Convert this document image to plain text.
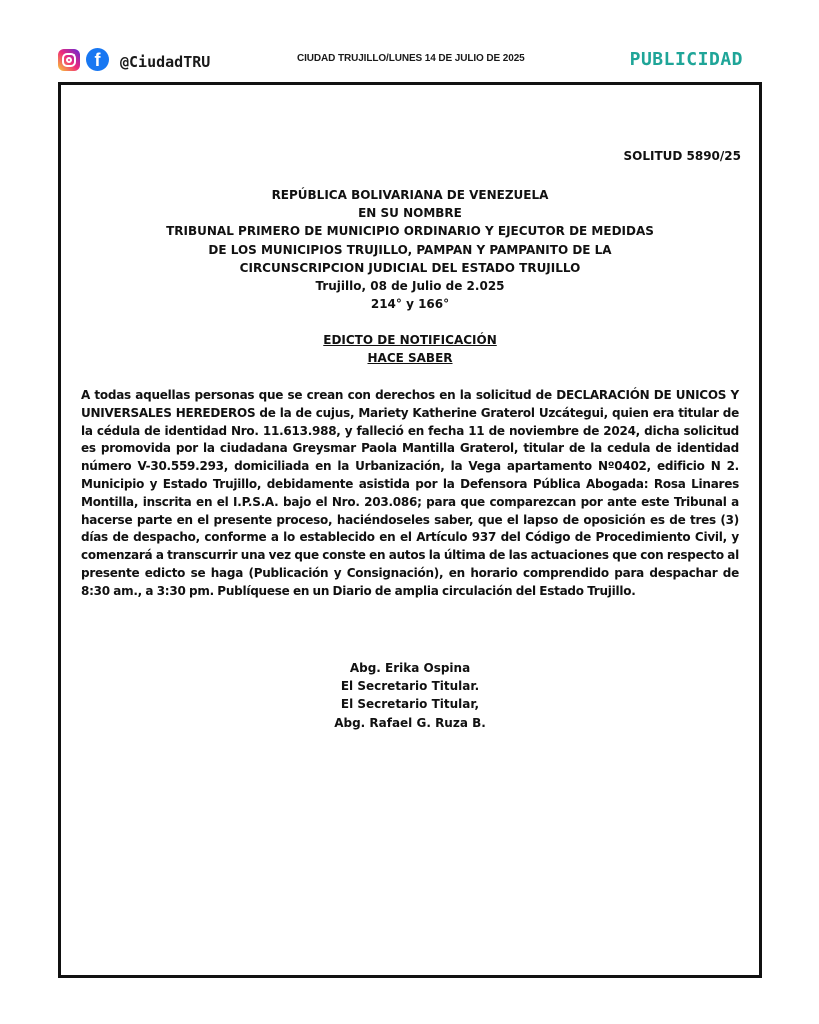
f	@CiudadTRU	CIUDAD TRUJILLO/LUNES 14 DE JULIO DE 2025	PUBLICIDAD
SOLITUD 5890/25
REPÚBLICA BOLIVARIANA DE VENEZUELA
EN SU NOMBRE
TRIBUNAL PRIMERO DE MUNICIPIO ORDINARIO Y EJECUTOR DE MEDIDAS
DE LOS MUNICIPIOS TRUJILLO, PAMPAN Y PAMPANITO DE LA
CIRCUNSCRIPCION JUDICIAL DEL ESTADO TRUJILLO
Trujillo, 08 de Julio de 2.025
214° y 166°
EDICTO DE NOTIFICACIÓN
HACE SABER
A todas aquellas personas que se crean con derechos en la solicitud de DECLARACIÓN DE UNICOS Y UNIVERSALES HEREDEROS de la de cujus, Mariety Katherine Graterol Uzcátegui, quien era titular de la cédula de identidad Nro. 11.613.988, y falleció en fecha 11 de noviembre de 2024, dicha solicitud es promovida por la ciudadana Greysmar Paola Mantilla Graterol, titular de la cedula de identidad número V-30.559.293, domiciliada en la Urbanización, la Vega apartamento Nº0402, edificio N 2. Municipio y Estado Trujillo, debidamente asistida por la Defensora Pública Abogada: Rosa Linares Montilla, inscrita en el I.P.S.A. bajo el Nro. 203.086; para que comparezcan por ante este Tribunal a hacerse parte en el presente proceso, haciéndoseles saber, que el lapso de oposición es de tres (3) días de despacho, conforme a lo establecido en el Artículo 937 del Código de Procedimiento Civil, y comenzará a transcurrir una vez que conste en autos la última de las actuaciones que con respecto al presente edicto se haga (Publicación y Consignación), en horario comprendido para despachar de 8:30 am., a 3:30 pm. Publíquese en un Diario de amplia circulación del Estado Trujillo.
Abg. Erika Ospina
El Secretario Titular.
El Secretario Titular,
Abg. Rafael G. Ruza B.
